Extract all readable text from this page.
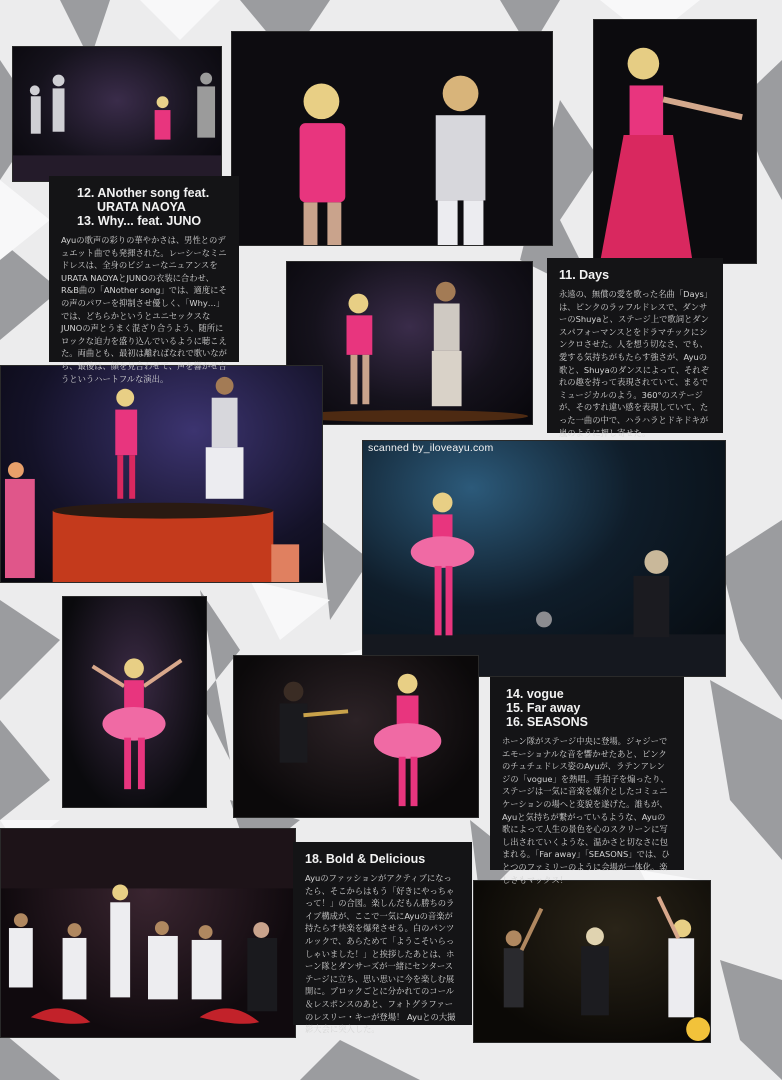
scanned by_iloveayu.com
12. ANother song feat.
URATA NAOYA
13. Why... feat. JUNO

Ayuの歌声の彩りの華やかさは、男性とのデュエット曲でも発揮された。レーシーなミニドレスは、全身のビジューなニュアンスをURATA NAOYAとJUNOの衣装に合わせ、R&B曲の「ANother song」では、適度にその声のパワーを抑制させ優しく、「Why…」では、どちらかというとユニセックスなJUNOの声とうまく混ざり合うよう、随所にロックな迫力を盛り込んでいるように聴こえた。両曲とも、最初は離ればなれで歌いながら、最後は、顔を見合わせて、声を響かせ合うというハートフルな演出。

11. Days

永遠の、無償の愛を歌った名曲「Days」は、ピンクのラッフルドレスで、ダンサーのShuyaと、ステージ上で歌詞とダンスパフォーマンスとをドラマチックにシンクロさせた。人を想う切なさ、でも、愛する気持ちがもたらす強さが、Ayuの歌と、Shuyaのダンスによって、それぞれの趣を持って表現されていて、まるでミュージカルのよう。360°のステージが、そのすれ違い感を表現していて、たった一曲の中で、ハラハラとドキドキが嵐のように押し寄せた。

14. vogue
15. Far away
16. SEASONS

ホーン隊がステージ中央に登場。ジャジーでエモーショナルな音を響かせたあと、ピンクのチュチュドレス姿のAyuが、ラテンアレンジの「vogue」を熱唱。手拍子を煽ったり、ステージは一気に音楽を媒介としたコミュニケーションの場へと変貌を遂げた。誰もが、Ayuと気持ちが繋がっているような、Ayuの歌によって人生の景色を心のスクリーンに写し出されていくような、温かさと切なさに包まれる。「Far away」「SEASONS」では、ひとつのファミリーのように会場が一体化。楽しさもマックス！

18. Bold & Delicious

Ayuのファッションがアクティブになったら、そこからはもう「好きにやっちゃって！」の合図。楽しんだもん勝ちのライブ構成が、ここで一気にAyuの音楽が持たらす快楽を爆発させる。白のパンツルックで、あらためて「ようこそいらっしゃいました！」と挨拶したあとは、ホーン隊とダンサーズが一緒にセンターステージに立ち、思い思いに今を楽しむ展開に。ブロックごとに分かれてのコール＆レスポンスのあと、フォトグラファーのレスリー・キーが登場！ Ayuとの大撮影大会に突入した。
